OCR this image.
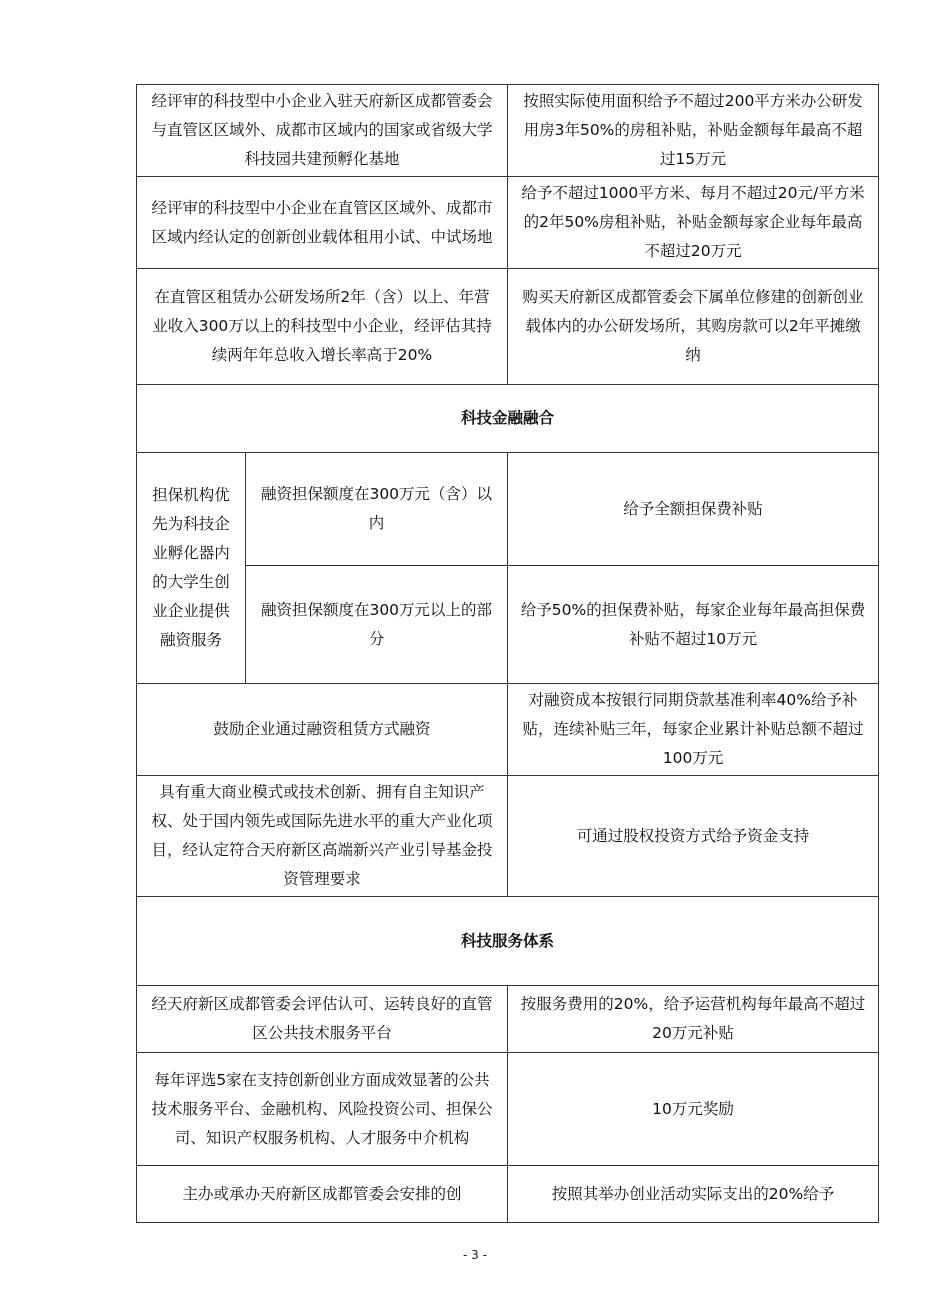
经评审的科技型中小企业入驻天府新区成都管委会与直管区区域外、成都市区域内的国家或省级大学科技园共建预孵化基地		按照实际使用面积给予不超过200平方米办公研发用房3年50%的房租补贴，补贴金额每年最高不超过15万元
经评审的科技型中小企业在直管区区域外、成都市区域内经认定的创新创业载体租用小试、中试场地		给予不超过1000平方米、每月不超过20元/平方米的2年50%房租补贴，补贴金额每家企业每年最高不超过20万元
在直管区租赁办公研发场所2年（含）以上、年营业收入300万以上的科技型中小企业，经评估其持续两年年总收入增长率高于20%		购买天府新区成都管委会下属单位修建的创新创业载体内的办公研发场所，其购房款可以2年平摊缴纳
科技金融融合		
担保机构优先为科技企业孵化器内的大学生创业企业提供融资服务	融资担保额度在300万元（含）以内	给予全额担保费补贴
	融资担保额度在300万元以上的部分	给予50%的担保费补贴，每家企业每年最高担保费补贴不超过10万元
鼓励企业通过融资租赁方式融资		对融资成本按银行同期贷款基准利率40%给予补贴，连续补贴三年，每家企业累计补贴总额不超过100万元
具有重大商业模式或技术创新、拥有自主知识产权、处于国内领先或国际先进水平的重大产业化项目，经认定符合天府新区高端新兴产业引导基金投资管理要求		可通过股权投资方式给予资金支持
科技服务体系		
经天府新区成都管委会评估认可、运转良好的直管区公共技术服务平台		按服务费用的20%，给予运营机构每年最高不超过20万元补贴
每年评选5家在支持创新创业方面成效显著的公共技术服务平台、金融机构、风险投资公司、担保公司、知识产权服务机构、人才服务中介机构		10万元奖励
主办或承办天府新区成都管委会安排的创		按照其举办创业活动实际支出的20%给予
- 3 -
